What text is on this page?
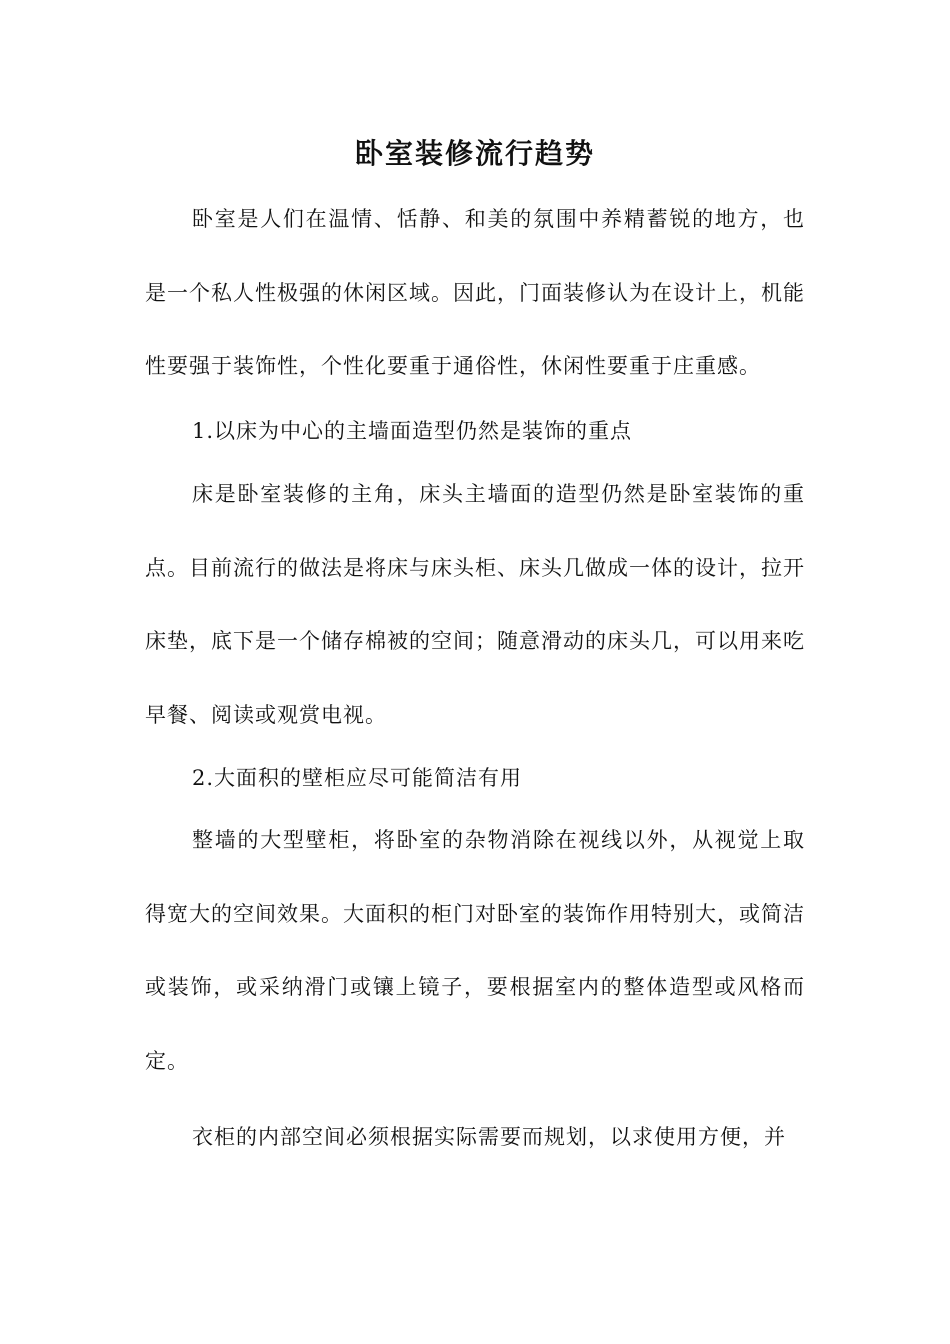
卧室装修流行趋势

卧室是人们在温情、恬静、和美的氛围中养精蓄锐的地方，也是一个私人性极强的休闲区域。因此，门面装修认为在设计上，机能性要强于装饰性，个性化要重于通俗性，休闲性要重于庄重感。

1.以床为中心的主墙面造型仍然是装饰的重点

床是卧室装修的主角，床头主墙面的造型仍然是卧室装饰的重点。目前流行的做法是将床与床头柜、床头几做成一体的设计，拉开床垫，底下是一个储存棉被的空间；随意滑动的床头几，可以用来吃早餐、阅读或观赏电视。

2.大面积的壁柜应尽可能简洁有用

整墙的大型壁柜，将卧室的杂物消除在视线以外，从视觉上取得宽大的空间效果。大面积的柜门对卧室的装饰作用特别大，或简洁或装饰，或采纳滑门或镶上镜子，要根据室内的整体造型或风格而定。

衣柜的内部空间必须根据实际需要而规划，以求使用方便，并
